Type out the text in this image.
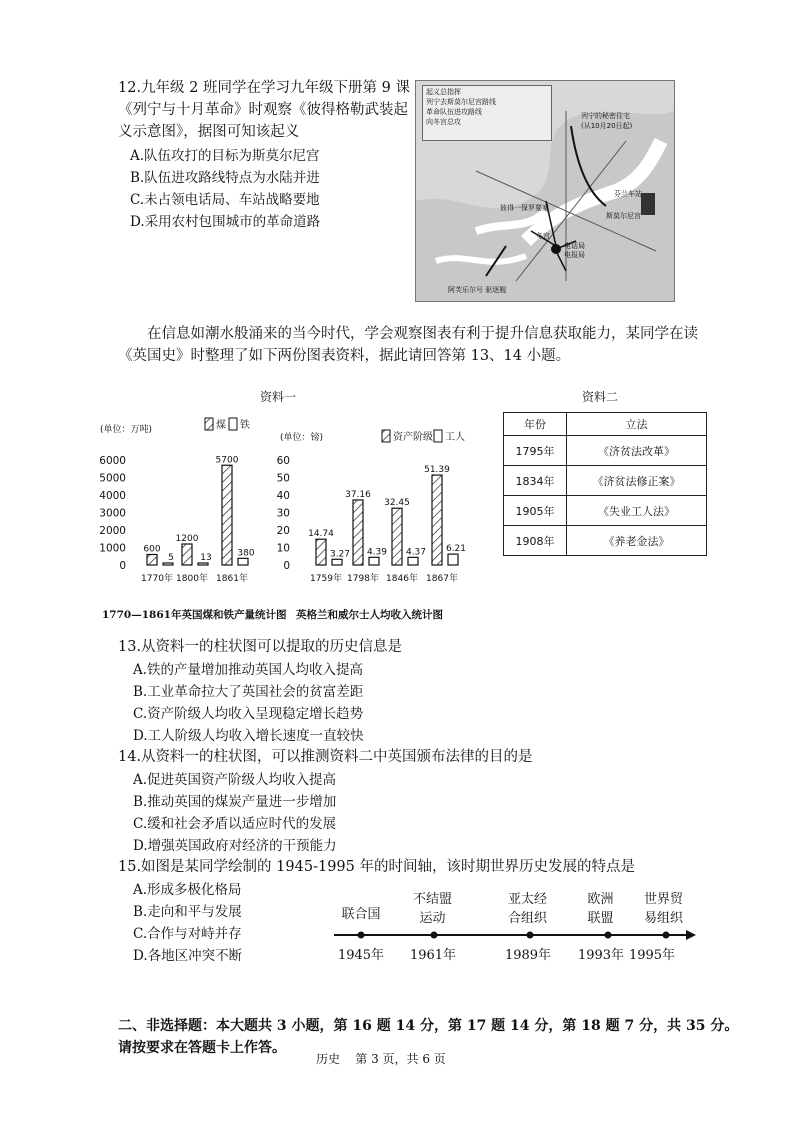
12.九年级 2 班同学在学习九年级下册第 9 课
《列宁与十月革命》时观察《彼得格勒武装起
义示意图》，据图可知该起义
A.队伍攻打的目标为斯莫尔尼宫
B.队伍进攻路线特点为水陆并进
C.未占领电话局、车站战略要地
D.采用农村包围城市的革命道路
起义总指挥
列宁去斯莫尔尼宫路线
革命队伍进攻路线
向冬宫总攻
列宁的秘密住宅
(从10月20日起)
芬兰车站
斯莫尔尼宫
彼得一保罗要塞
冬宫
电话局
电报局
阿芙乐尔号 驱逐舰
在信息如潮水般涌来的当今时代，学会观察图表有利于提升信息获取能力，某同学在读
《英国史》时整理了如下两份图表资料，据此请回答第 13、14 小题。
资料一	资料二
(单位：万吨)
0
1000
2000
3000
4000
5000
6000
煤 铁
600
5
1770年
1200
13
1800年
5700
380
1861年
(单位：镑)
0
10
20
30
40
50
60
资产阶级 工人
14.74
3.27
1759年
37.16
4.39
1798年
32.45
4.37
1846年
51.39
6.21
1867年
1770—1861年英国煤和铁产量统计图 英格兰和威尔士人均收入统计图
年份	立法
1795年	《济贫法改革》
1834年	《济贫法修正案》
1905年	《失业工人法》
1908年	《养老金法》
13.从资料一的柱状图可以提取的历史信息是
A.铁的产量增加推动英国人均收入提高
B.工业革命拉大了英国社会的贫富差距
C.资产阶级人均收入呈现稳定增长趋势
D.工人阶级人均收入增长速度一直较快
14.从资料一的柱状图，可以推测资料二中英国颁布法律的目的是
A.促进英国资产阶级人均收入提高
B.推动英国的煤炭产量进一步增加
C.缓和社会矛盾以适应时代的发展
D.增强英国政府对经济的干预能力
15.如图是某同学绘制的 1945-1995 年的时间轴，该时期世界历史发展的特点是
A.形成多极化格局
B.走向和平与发展
C.合作与对峙并存
D.各地区冲突不断
联合国
不结盟
运动
亚太经
合组织
欧洲
联盟
世界贸
易组织
1945年 1961年	1989年 1993年 1995年
二、非选择题：本大题共 3 小题，第 16 题 14 分，第 17 题 14 分，第 18 题 7 分，共 35 分。
请按要求在答题卡上作答。
历史    第 3 页，共 6 页
